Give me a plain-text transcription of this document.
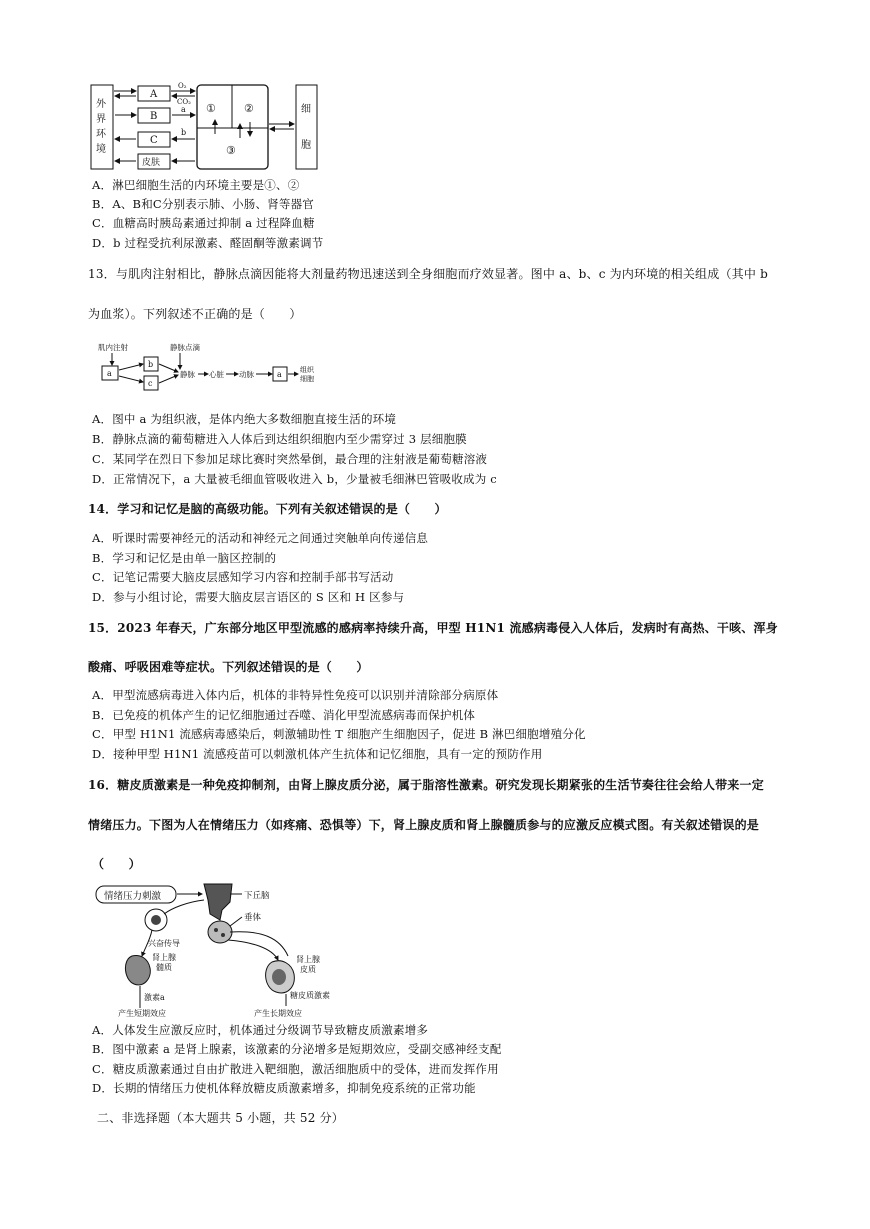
外
界
环
境
A
B
C
皮肤
O₂
CO₂
a
b
①	②
③
细
胞
A．淋巴细胞生活的内环境主要是①、②
B．A、B和C分别表示肺、小肠、肾等器官
C．血糖高时胰岛素通过抑制 a 过程降血糖
D．b 过程受抗利尿激素、醛固酮等激素调节
13．与肌肉注射相比，静脉点滴因能将大剂量药物迅速送到全身细胞而疗效显著。图中 a、b、c 为内环境的相关组成（其中 b
为血浆）。下列叙述不正确的是（　　）
肌内注射	静脉点滴
a
b
c
静脉 心脏 动脉	a	组织
细胞
A．图中 a 为组织液，是体内绝大多数细胞直接生活的环境
B．静脉点滴的葡萄糖进入人体后到达组织细胞内至少需穿过 3 层细胞膜
C．某同学在烈日下参加足球比赛时突然晕倒，最合理的注射液是葡萄糖溶液
D．正常情况下，a 大量被毛细血管吸收进入 b，少量被毛细淋巴管吸收成为 c
14．学习和记忆是脑的高级功能。下列有关叙述错误的是（　　）
A．听课时需要神经元的活动和神经元之间通过突触单向传递信息
B．学习和记忆是由单一脑区控制的
C．记笔记需要大脑皮层感知学习内容和控制手部书写活动
D．参与小组讨论，需要大脑皮层言语区的 S 区和 H 区参与
15．2023 年春天，广东部分地区甲型流感的感病率持续升高，甲型 H1N1 流感病毒侵入人体后，发病时有高热、干咳、浑身
酸痛、呼吸困难等症状。下列叙述错误的是（　　）
A．甲型流感病毒进入体内后，机体的非特异性免疫可以识别并清除部分病原体
B．已免疫的机体产生的记忆细胞通过吞噬、消化甲型流感病毒而保护机体
C．甲型 H1N1 流感病毒感染后，刺激辅助性 T 细胞产生细胞因子，促进 B 淋巴细胞增殖分化
D．接种甲型 H1N1 流感疫苗可以刺激机体产生抗体和记忆细胞，具有一定的预防作用
16．糖皮质激素是一种免疫抑制剂，由肾上腺皮质分泌，属于脂溶性激素。研究发现长期紧张的生活节奏往往会给人带来一定
情绪压力。下图为人在情绪压力（如疼痛、恐惧等）下，肾上腺皮质和肾上腺髓质参与的应激反应模式图。有关叙述错误的是
（　　）
情绪压力刺激	下丘脑
垂体
兴奋传导
肾上腺
髓质
激素a
产生短期效应
肾上腺
皮质
糖皮质激素
产生长期效应
A．人体发生应激反应时，机体通过分级调节导致糖皮质激素增多
B．图中激素 a 是肾上腺素，该激素的分泌增多是短期效应，受副交感神经支配
C．糖皮质激素通过自由扩散进入靶细胞，激活细胞质中的受体，进而发挥作用
D．长期的情绪压力使机体释放糖皮质激素增多，抑制免疫系统的正常功能
二、非选择题（本大题共 5 小题，共 52 分）
